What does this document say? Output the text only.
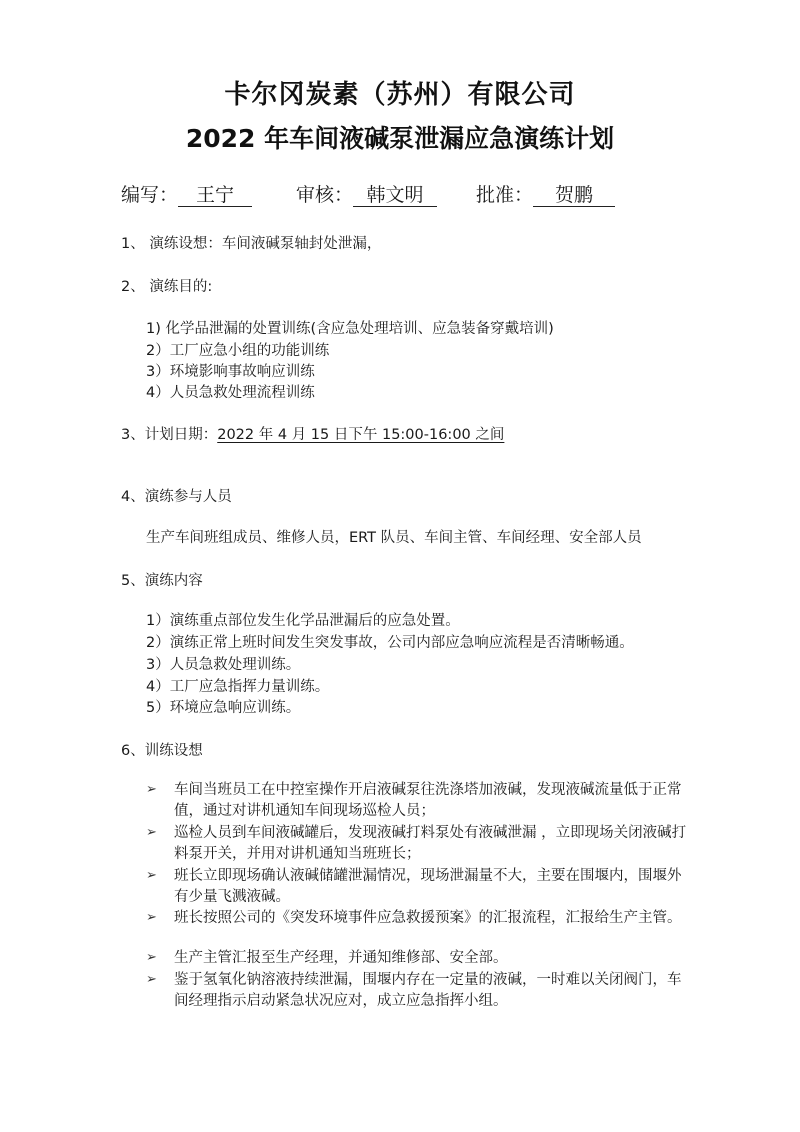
卡尔冈炭素（苏州）有限公司
2022 年车间液碱泵泄漏应急演练计划
编写： 王宁	审核： 韩文明	批准： 贺鹏
1、 演练设想：车间液碱泵轴封处泄漏，
2、 演练目的:
1) 化学品泄漏的处置训练(含应急处理培训、应急装备穿戴培训)
2）工厂应急小组的功能训练
3）环境影响事故响应训练
4）人员急救处理流程训练
3、计划日期：2022 年 4 月 15 日下午 15:00-16:00 之间
4、演练参与人员
生产车间班组成员、维修人员，ERT 队员、车间主管、车间经理、安全部人员
5、演练内容
1）演练重点部位发生化学品泄漏后的应急处置。
2）演练正常上班时间发生突发事故，公司内部应急响应流程是否清晰畅通。
3）人员急救处理训练。
4）工厂应急指挥力量训练。
5）环境应急响应训练。
6、训练设想
➢ 车间当班员工在中控室操作开启液碱泵往洗涤塔加液碱，发现液碱流量低于正常值，通过对讲机通知车间现场巡检人员；
➢ 巡检人员到车间液碱罐后，发现液碱打料泵处有液碱泄漏 ，立即现场关闭液碱打料泵开关，并用对讲机通知当班班长；
➢ 班长立即现场确认液碱储罐泄漏情况，现场泄漏量不大，主要在围堰内，围堰外有少量飞溅液碱。
➢ 班长按照公司的《突发环境事件应急救援预案》的汇报流程，汇报给生产主管。
➢ 生产主管汇报至生产经理，并通知维修部、安全部。
➢ 鉴于氢氧化钠溶液持续泄漏，围堰内存在一定量的液碱，一时难以关闭阀门，车间经理指示启动紧急状况应对，成立应急指挥小组。
